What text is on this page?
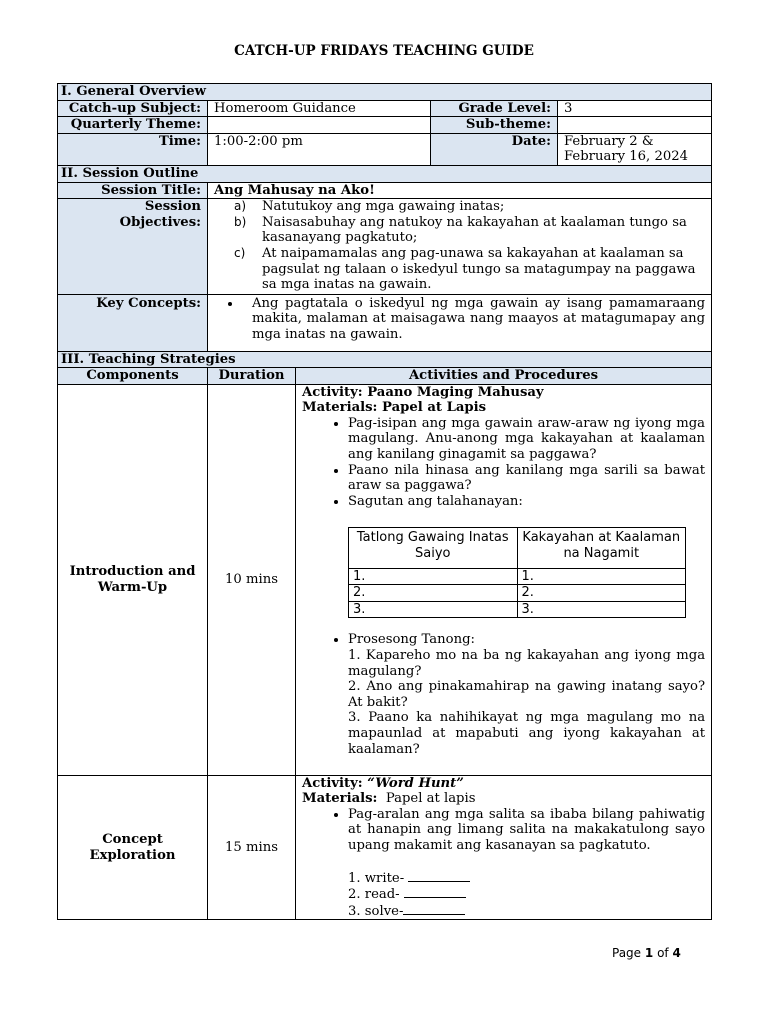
CATCH-UP FRIDAYS TEACHING GUIDE
I. General Overview
Catch-up Subject:	Homeroom Guidance	Grade Level:	3
Quarterly Theme:		Sub-theme:	
Time:	1:00-2:00 pm	Date:	February 2 &
February 16, 2024

II. Session Outline
Session Title:	Ang Mahusay na Ako!

Session
Objectives:

a) Natutukoy ang mga gawaing inatas;
b) Naisasabuhay ang natukoy na kakayahan at kaalaman tungo sa kasanayang pagkatuto;
c) At naipamamalas ang pag-unawa sa kakayahan at kaalaman sa pagsulat ng talaan o iskedyul tungo sa matagumpay na paggawa sa mga inatas na gawain.

Key Concepts:	
•Ang pagtatala o iskedyul ng mga gawain ay isang pamamaraang makita, malaman at maisagawa nang maayos at matagumapay ang mga inatas na gawain.

III. Teaching Strategies
Components	Duration	Activities and Procedures

Introduction and
Warm-Up
	10 mins	
Activity: Paano Maging Mahusay
Materials: Papel at Lapis
• Pag-isipan ang mga gawain araw-araw ng iyong mga magulang. Anu-anong mga kakayahan at kaalaman ang kanilang ginagamit sa paggawa?
• Paano nila hinasa ang kanilang mga sarili sa bawat araw sa paggawa?
• Sagutan ang talahanayan:
Tatlong Gawaing Inatas Saiyo	Kakayahan at Kaalaman na Nagamit
1.	1.
2.	2.
3.	3.
• Prosesong Tanong:
1. Kapareho mo na ba ng kakayahan ang iyong mga magulang?
2. Ano ang pinakamahirap na gawing inatang sayo? At bakit?
3. Paano ka nahihikayat ng mga magulang mo na mapaunlad at mapabuti ang iyong kakayahan at kaalaman?

Concept
Exploration
	15 mins	
Activity: “Word Hunt”
Materials: Papel at lapis
• Pag-aralan ang mga salita sa ibaba bilang pahiwatig at hanapin ang limang salita na makakatulong sayo upang makamit ang kasanayan sa pagkatuto.
1. write-
2. read-
3. solve-
Page 1 of 4
